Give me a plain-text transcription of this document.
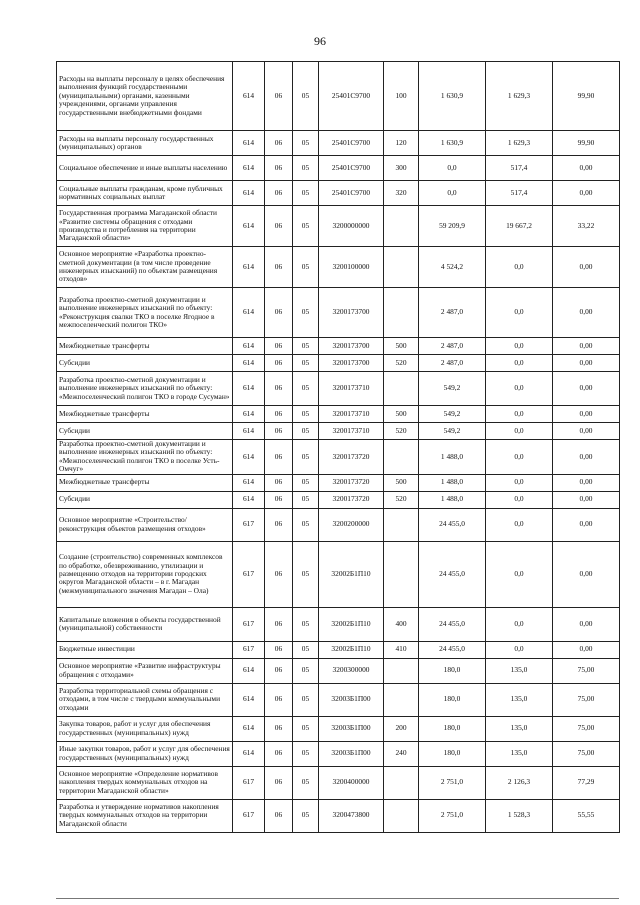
96
Расходы на выплаты персоналу в целях обеспечения выполнения функций государственными (муниципальными) органами, казенными учреждениями, органами управления государственными внебюджетными фондами	614	06	05	25401С9700	100	1 630,9	1 629,3	99,90
Расходы на выплаты персоналу государственных (муниципальных) органов	614	06	05	25401С9700	120	1 630,9	1 629,3	99,90
Социальное обеспечение и иные выплаты населению	614	06	05	25401С9700	300	0,0	517,4	0,00
Социальные выплаты гражданам, кроме публичных нормативных социальных выплат	614	06	05	25401С9700	320	0,0	517,4	0,00
Государственная программа Магаданской области «Развитие системы обращения с отходами производства и потребления на территории Магаданской области»	614	06	05	3200000000		59 209,9	19 667,2	33,22
Основное мероприятие «Разработка проектно-сметной документации (в том числе проведение инженерных изысканий) по объектам размещения отходов»	614	06	05	3200100000		4 524,2	0,0	0,00
Разработка проектно-сметной документации и выполнение инженерных изысканий по объекту: «Реконструкция свалки ТКО в поселке Ягодное в межпоселенческий полигон ТКО»	614	06	05	3200173700		2 487,0	0,0	0,00
Межбюджетные трансферты	614	06	05	3200173700	500	2 487,0	0,0	0,00
Субсидии	614	06	05	3200173700	520	2 487,0	0,0	0,00
Разработка проектно-сметной документации и выполнение инженерных изысканий по объекту: «Межпоселенческий полигон ТКО в городе Сусуман»	614	06	05	3200173710		549,2	0,0	0,00
Межбюджетные трансферты	614	06	05	3200173710	500	549,2	0,0	0,00
Субсидии	614	06	05	3200173710	520	549,2	0,0	0,00
Разработка проектно-сметной документации и выполнение инженерных изысканий по объекту: «Межпоселенческий полигон ТКО в поселке Усть-Омчуг»	614	06	05	3200173720		1 488,0	0,0	0,00
Межбюджетные трансферты	614	06	05	3200173720	500	1 488,0	0,0	0,00
Субсидии	614	06	05	3200173720	520	1 488,0	0,0	0,00
Основное мероприятие «Строительство/реконструкция объектов размещения отходов»	617	06	05	3200200000		24 455,0	0,0	0,00
Создание (строительство) современных комплексов по обработке, обезвреживанию, утилизации и размещению отходов на территории городских округов Магаданской области – в г. Магадан (межмуниципального значения Магадан – Ола)	617	06	05	32002Б1П10		24 455,0	0,0	0,00
Капитальные вложения в объекты государственной (муниципальной) собственности	617	06	05	32002Б1П10	400	24 455,0	0,0	0,00
Бюджетные инвестиции	617	06	05	32002Б1П10	410	24 455,0	0,0	0,00
Основное мероприятие «Развитие инфраструктуры обращения с отходами»	614	06	05	3200300000		180,0	135,0	75,00
Разработка территориальной схемы обращения с отходами, в том числе с твердыми коммунальными отходами	614	06	05	32003Б1П00		180,0	135,0	75,00
Закупка товаров, работ и услуг для обеспечения государственных (муниципальных) нужд	614	06	05	32003Б1П00	200	180,0	135,0	75,00
Иные закупки товаров, работ и услуг для обеспечения государственных (муниципальных) нужд	614	06	05	32003Б1П00	240	180,0	135,0	75,00
Основное мероприятие «Определение нормативов накопления твердых коммунальных отходов на территории Магаданской области»	617	06	05	3200400000		2 751,0	2 126,3	77,29
Разработка и утверждение нормативов накопления твердых коммунальных отходов на территории Магаданской области	617	06	05	3200473800		2 751,0	1 528,3	55,55
